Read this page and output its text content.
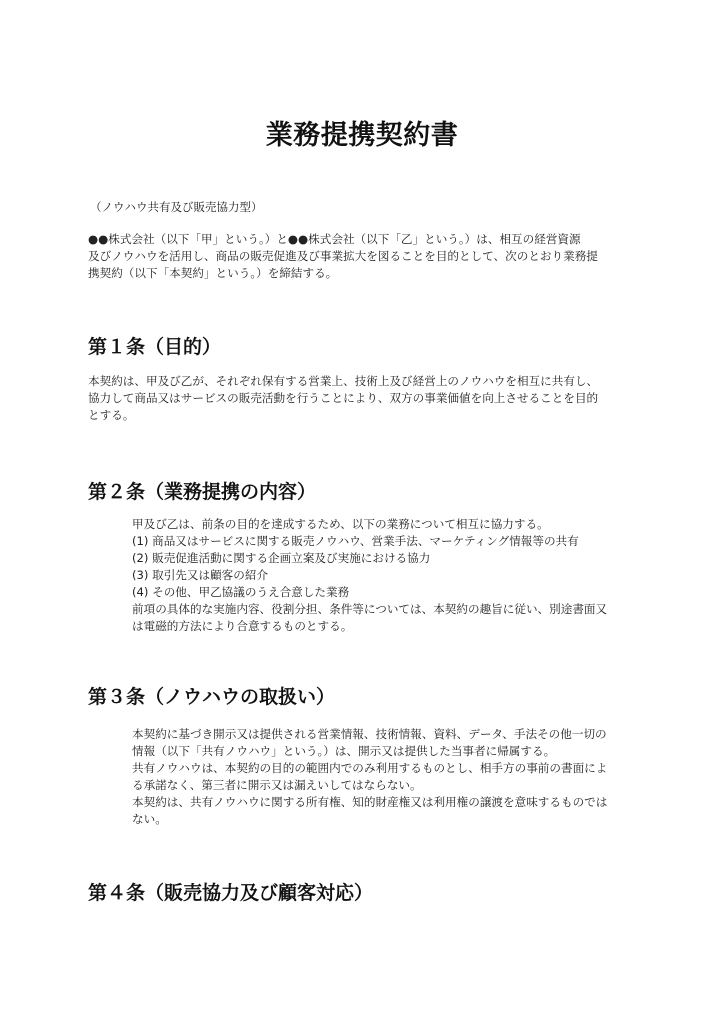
業務提携契約書
（ノウハウ共有及び販売協力型）
●●株式会社（以下「甲」という。）と●●株式会社（以下「乙」という。）は、相互の経営資源
及びノウハウを活用し、商品の販売促進及び事業拡大を図ることを目的として、次のとおり業務提
携契約（以下「本契約」という。）を締結する。
第１条（目的）
本契約は、甲及び乙が、それぞれ保有する営業上、技術上及び経営上のノウハウを相互に共有し、
協力して商品又はサービスの販売活動を行うことにより、双方の事業価値を向上させることを目的
とする。
第２条（業務提携の内容）
甲及び乙は、前条の目的を達成するため、以下の業務について相互に協力する。
(1) 商品又はサービスに関する販売ノウハウ、営業手法、マーケティング情報等の共有
(2) 販売促進活動に関する企画立案及び実施における協力
(3) 取引先又は顧客の紹介
(4) その他、甲乙協議のうえ合意した業務
前項の具体的な実施内容、役割分担、条件等については、本契約の趣旨に従い、別途書面又
は電磁的方法により合意するものとする。
第３条（ノウハウの取扱い）
本契約に基づき開示又は提供される営業情報、技術情報、資料、データ、手法その他一切の
情報（以下「共有ノウハウ」という。）は、開示又は提供した当事者に帰属する。
共有ノウハウは、本契約の目的の範囲内でのみ利用するものとし、相手方の事前の書面によ
る承諾なく、第三者に開示又は漏えいしてはならない。
本契約は、共有ノウハウに関する所有権、知的財産権又は利用権の譲渡を意味するものでは
ない。
第４条（販売協力及び顧客対応）
